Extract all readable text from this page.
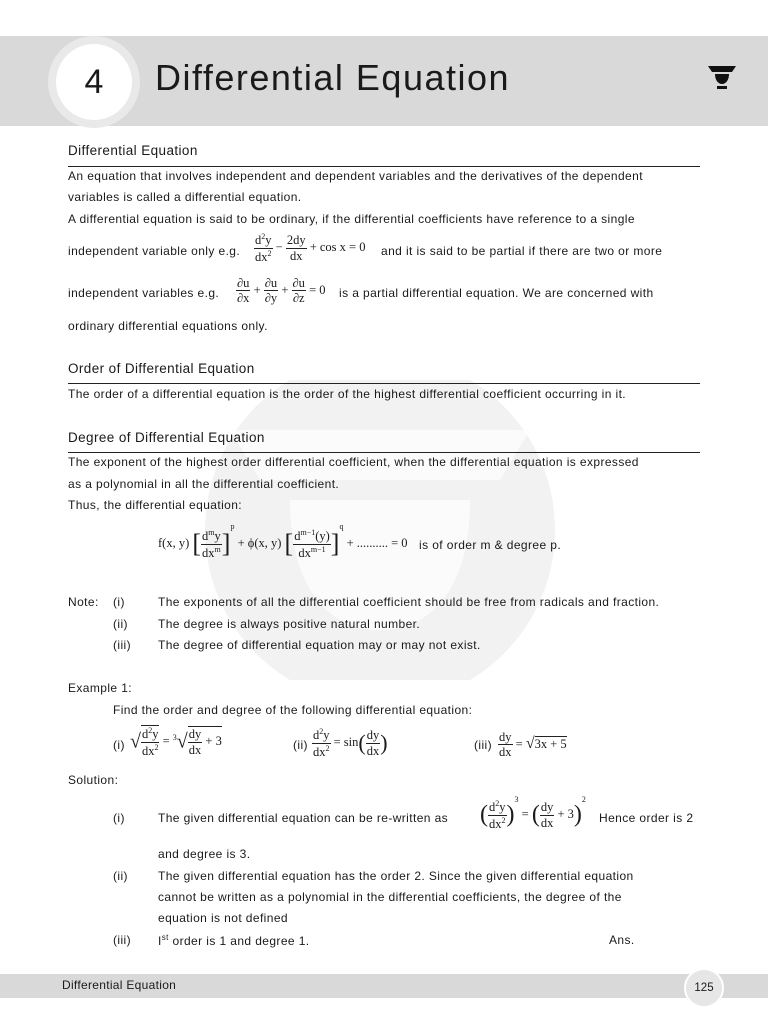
4	Differential Equation
Differential Equation
An equation that involves independent and dependent variables and the derivatives of the dependent
variables is called a differential equation.
A differential equation is said to be ordinary, if the differential coefficients have reference to a single
independent variable only e.g. $\frac{d^2y}{dx^2} - \frac{2dy}{dx} + \cos x = 0$ and it is said to be partial if there are two or more
independent variables e.g. $\frac{\partial u}{\partial x} + \frac{\partial u}{\partial y} + \frac{\partial u}{\partial z} = 0$ is a partial differential equation. We are concerned with
ordinary differential equations only.
Order of Differential Equation
The order of a differential equation is the order of the highest differential coefficient occurring in it.
Degree of Differential Equation
The exponent of the highest order differential coefficient, when the differential equation is expressed
as a polynomial in all the differential coefficient.
Thus, the differential equation:
f(x, y) [ $\frac{d^my}{dx^m} ]^p + \phi(x$, y) [ $\frac{d^{m-1}(y)}{dx^{m-1}} ]^q$ + .......... = 0 is of order m & degree p.
Note: (i)	The exponents of all the differential coefficient should be free from radicals and fraction.
(ii)	The degree is always positive natural number.
(iii) The degree of differential equation may or may not exist.
Example 1:
Find the order and degree of the following differential equation:
(i) √ $\frac{d^2y}{dx^2} = ^3√ \frac{dy}{dx} + 3$	$(ii) \frac{d^2y}{dx^2} = \sin( \frac{dy}{dx}$ )	$(iii) \frac{dy}{dx} = √3x + 5$
Solution:
(i)	The given differential equation can be re-written as ( $\frac{d^2y}{dx^2} )^3$ = ( $\frac{dy}{dx} + 3)^2$
Hence order is 2
and degree is 3.
(ii)	The given differential equation has the order 2. Since the given differential equation
cannot be written as a polynomial in the differential coefficients, the degree of the
equation is not defined
(iii) Ist order is 1 and degree 1.	Ans.
Differential Equation	125
